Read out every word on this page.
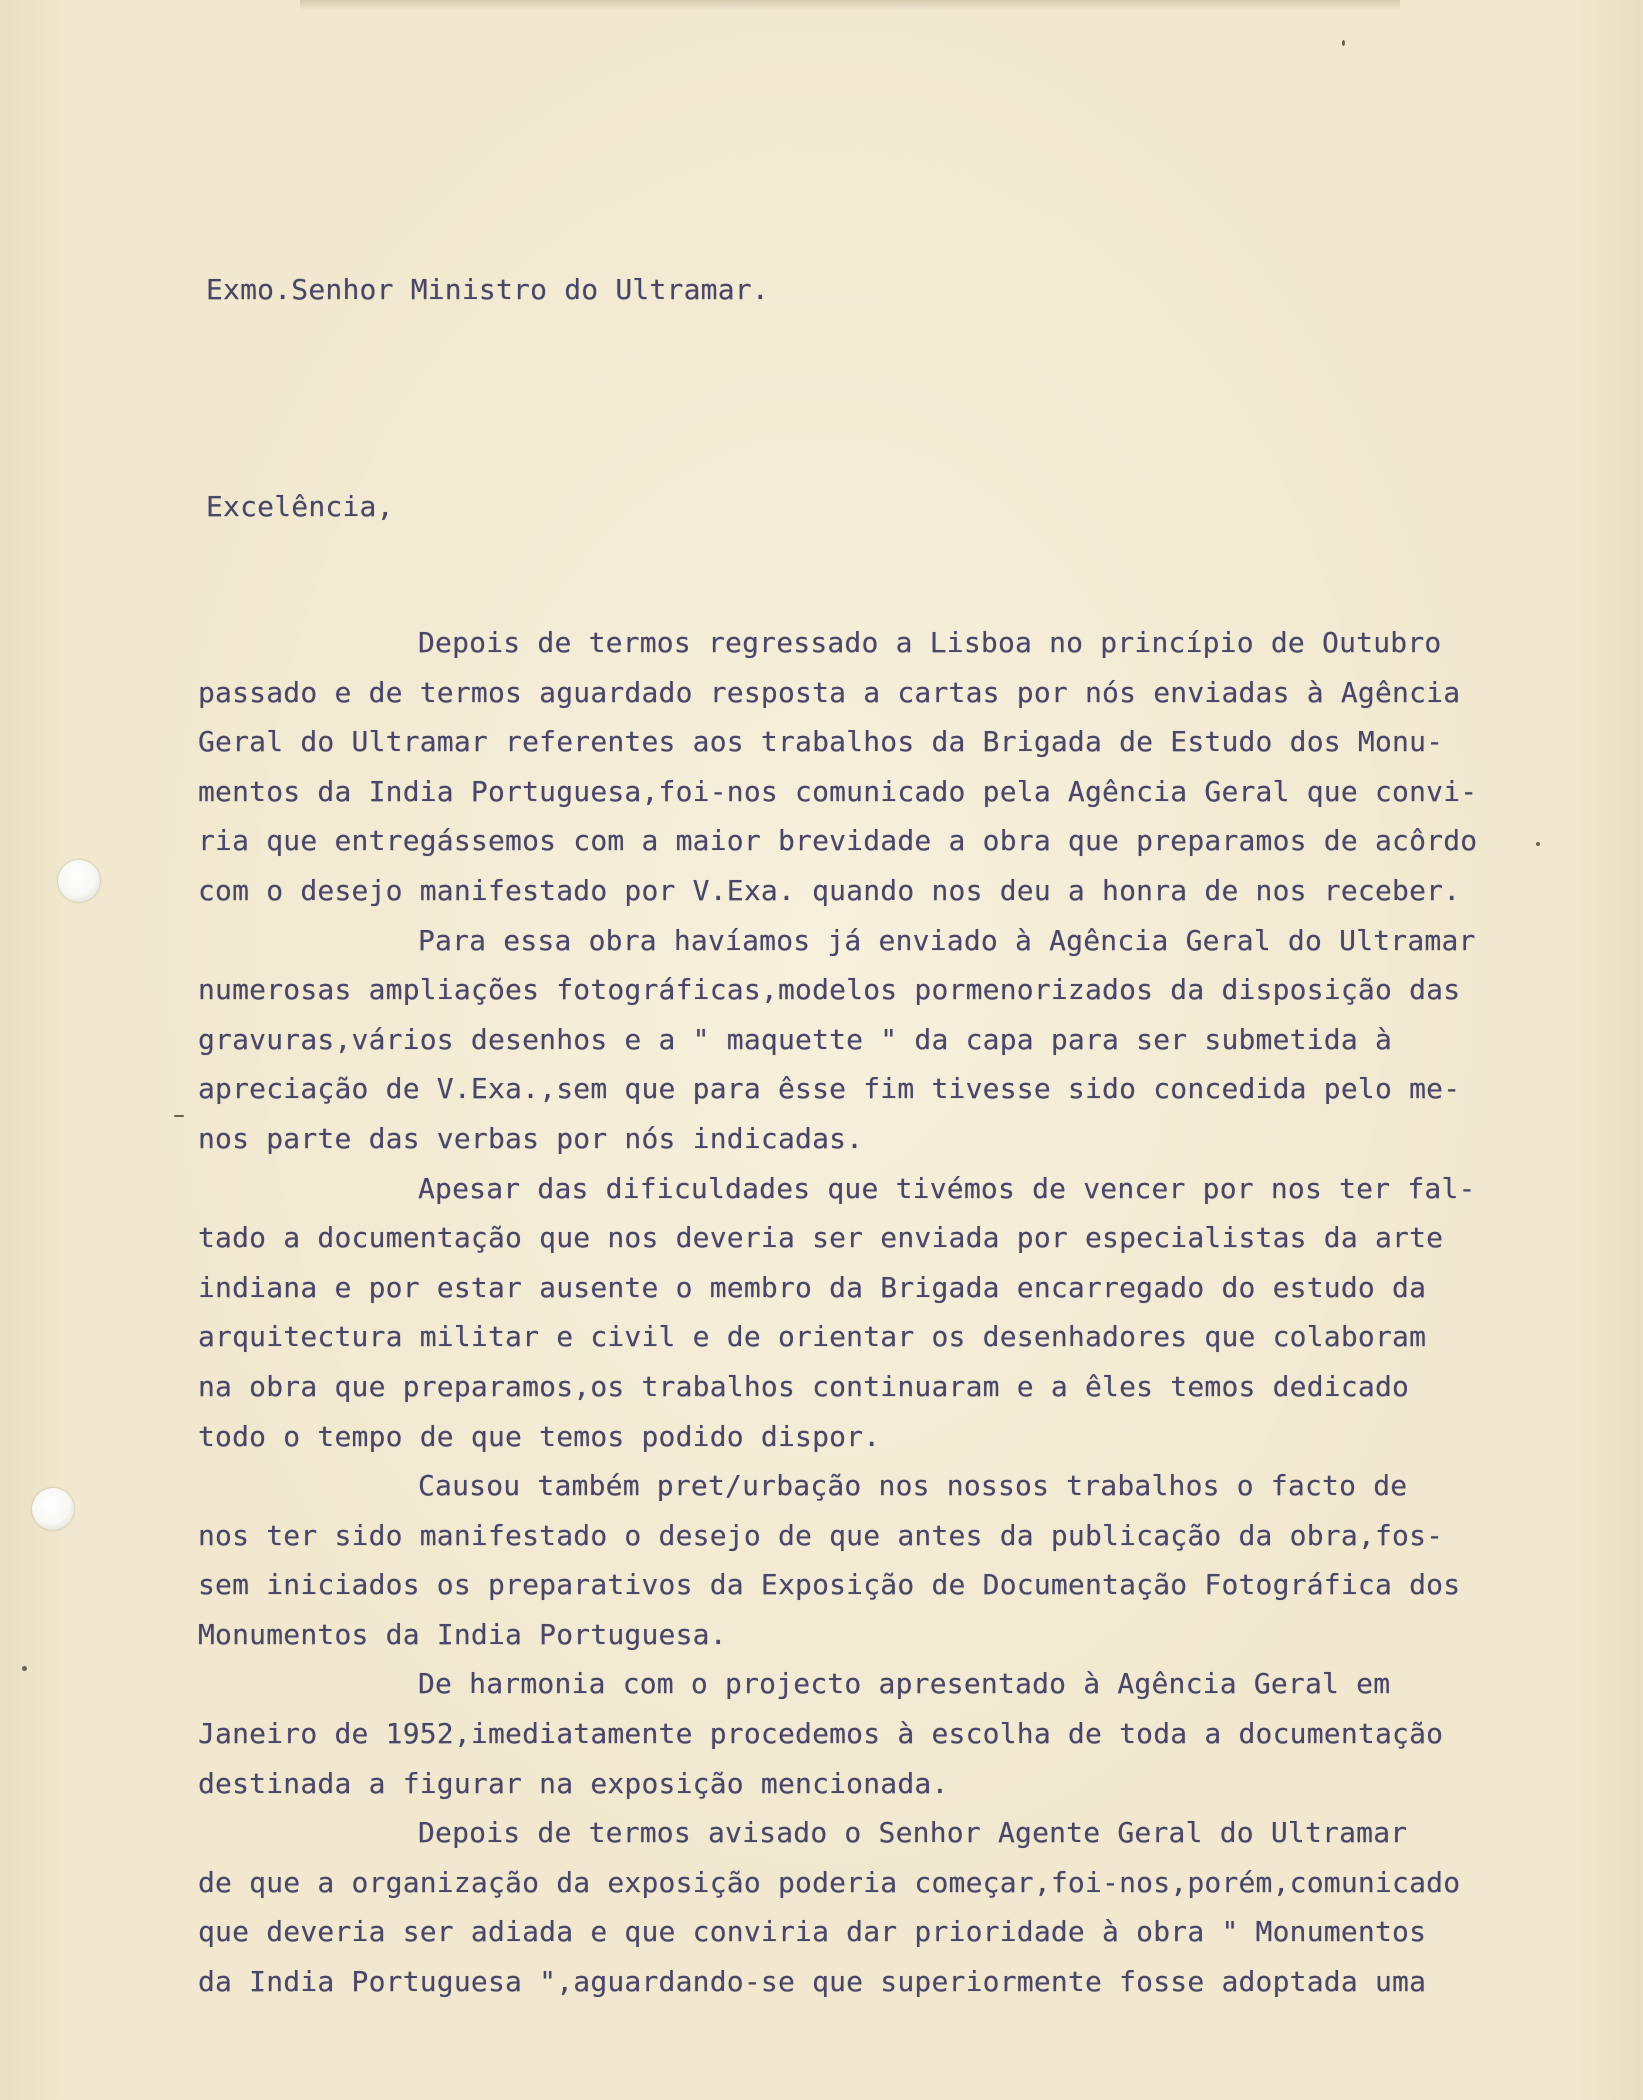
Exmo.Senhor Ministro do Ultramar.

Excelência,

Depois de termos regressado a Lisboa no princípio de Outubro
passado e de termos aguardado resposta a cartas por nós enviadas à Agência
Geral do Ultramar referentes aos trabalhos da Brigada de Estudo dos Monu-
mentos da India Portuguesa,foi-nos comunicado pela Agência Geral que convi-
ria que entregássemos com a maior brevidade a obra que preparamos de acôrdo
com o desejo manifestado por V.Exa. quando nos deu a honra de nos receber.
Para essa obra havíamos já enviado à Agência Geral do Ultramar
numerosas ampliações fotográficas,modelos pormenorizados da disposição das
gravuras,vários desenhos e a " maquette " da capa para ser submetida à
apreciação de V.Exa.,sem que para êsse fim tivesse sido concedida pelo me-
nos parte das verbas por nós indicadas.
Apesar das dificuldades que tivémos de vencer por nos ter fal-
tado a documentação que nos deveria ser enviada por especialistas da arte
indiana e por estar ausente o membro da Brigada encarregado do estudo da
arquitectura militar e civil e de orientar os desenhadores que colaboram
na obra que preparamos,os trabalhos continuaram e a êles temos dedicado
todo o tempo de que temos podido dispor.
Causou também pret/urbação nos nossos trabalhos o facto de
nos ter sido manifestado o desejo de que antes da publicação da obra,fos-
sem iniciados os preparativos da Exposição de Documentação Fotográfica dos
Monumentos da India Portuguesa.
De harmonia com o projecto apresentado à Agência Geral em
Janeiro de 1952,imediatamente procedemos à escolha de toda a documentação
destinada a figurar na exposição mencionada.
Depois de termos avisado o Senhor Agente Geral do Ultramar
de que a organização da exposição poderia começar,foi-nos,porém,comunicado
que deveria ser adiada e que conviria dar prioridade à obra " Monumentos
da India Portuguesa ",aguardando-se que superiormente fosse adoptada uma
